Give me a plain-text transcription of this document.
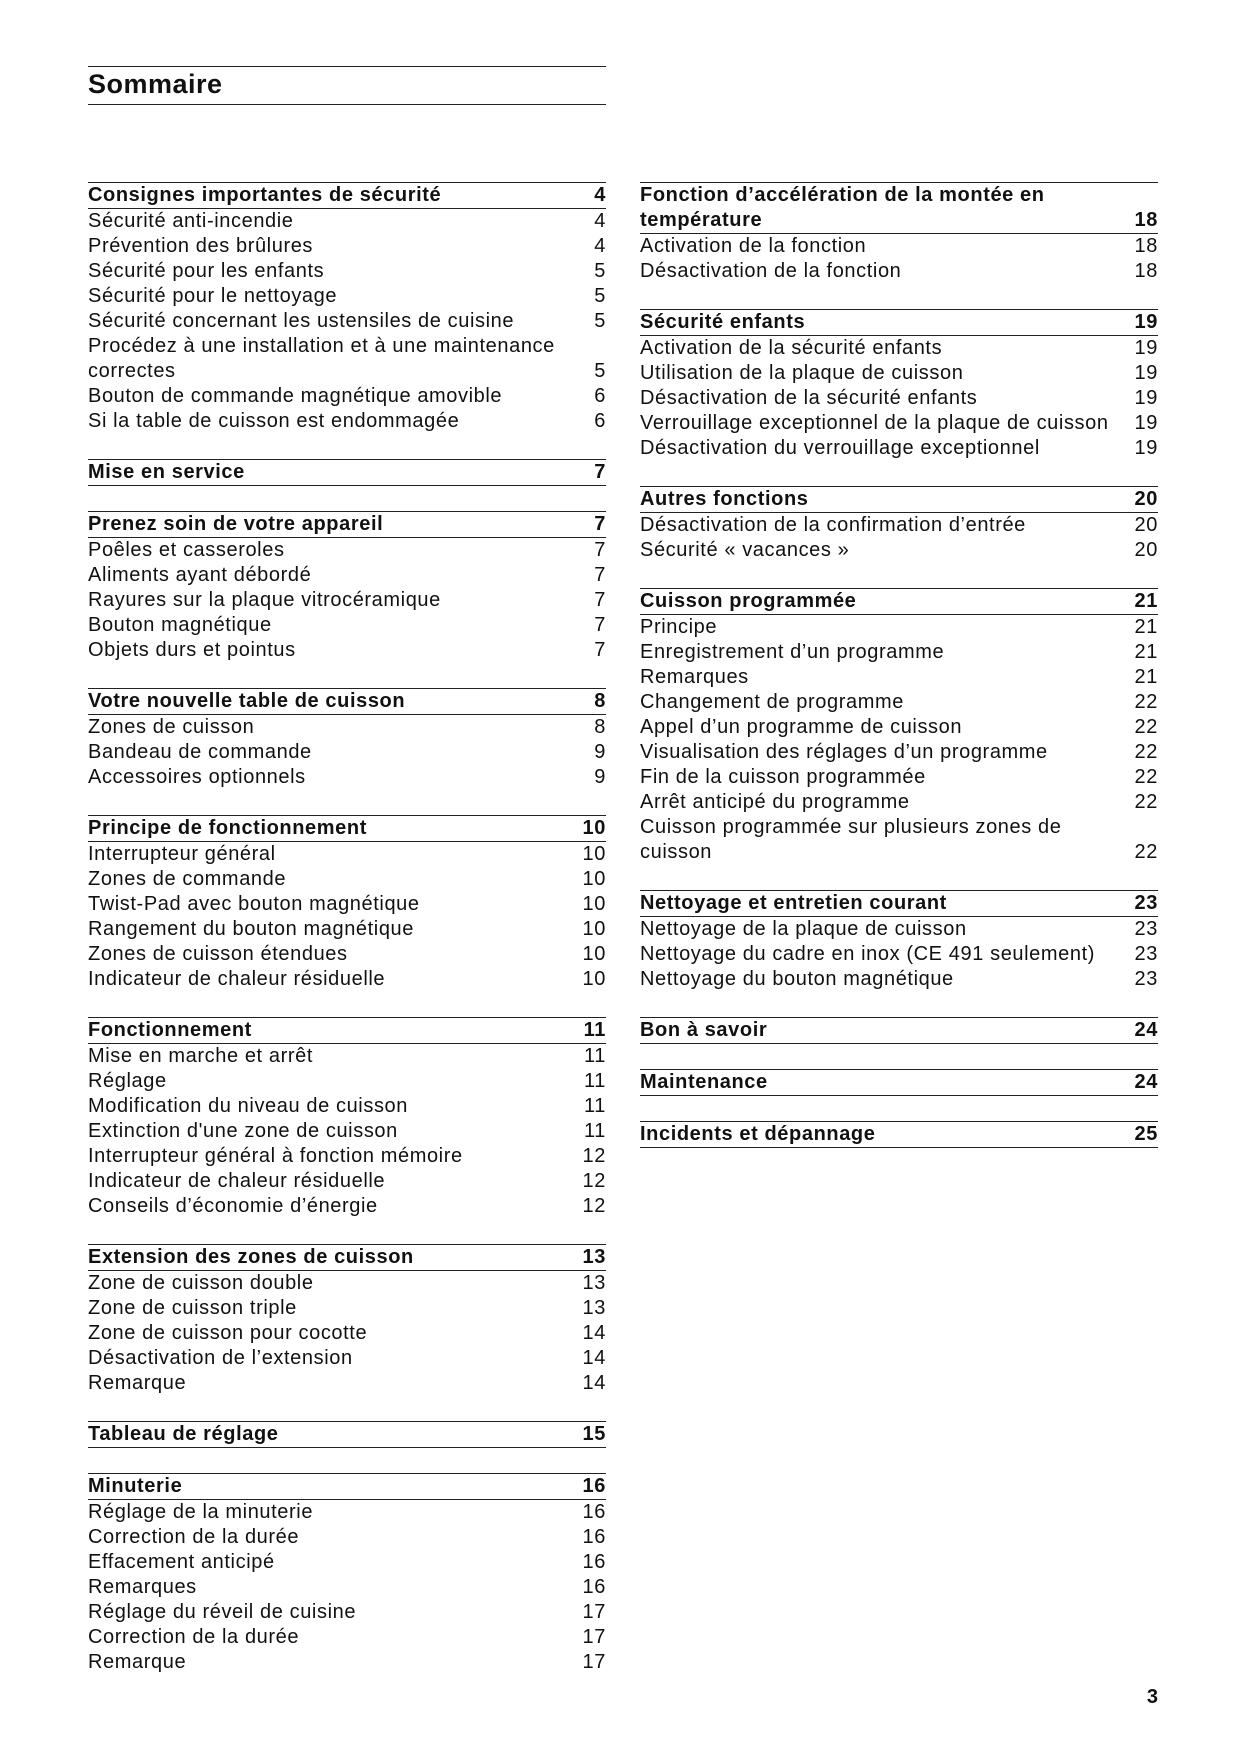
Sommaire
Consignes importantes de sécurité	4
Sécurité anti-incendie	4
Prévention des brûlures	4
Sécurité pour les enfants	5
Sécurité pour le nettoyage	5
Sécurité concernant les ustensiles de cuisine	5
Procédez à une installation et à une maintenance
correctes	5
Bouton de commande magnétique amovible	6
Si la table de cuisson est endommagée	6
Mise en service	7
Prenez soin de votre appareil	7
Poêles et casseroles	7
Aliments ayant débordé	7
Rayures sur la plaque vitrocéramique	7
Bouton magnétique	7
Objets durs et pointus	7
Votre nouvelle table de cuisson	8
Zones de cuisson	8
Bandeau de commande	9
Accessoires optionnels	9
Principe de fonctionnement	10
Interrupteur général	10
Zones de commande	10
Twist-Pad avec bouton magnétique	10
Rangement du bouton magnétique	10
Zones de cuisson étendues	10
Indicateur de chaleur résiduelle	10
Fonctionnement	11
Mise en marche et arrêt	11
Réglage	11
Modification du niveau de cuisson	11
Extinction d'une zone de cuisson	11
Interrupteur général à fonction mémoire	12
Indicateur de chaleur résiduelle	12
Conseils d’économie d’énergie	12
Extension des zones de cuisson	13
Zone de cuisson double	13
Zone de cuisson triple	13
Zone de cuisson pour cocotte	14
Désactivation de l’extension	14
Remarque	14
Tableau de réglage	15
Minuterie	16
Réglage de la minuterie	16
Correction de la durée	16
Effacement anticipé	16
Remarques	16
Réglage du réveil de cuisine	17
Correction de la durée	17
Remarque	17
Fonction d’accélération de la montée en
température	18
Activation de la fonction	18
Désactivation de la fonction	18
Sécurité enfants	19
Activation de la sécurité enfants	19
Utilisation de la plaque de cuisson	19
Désactivation de la sécurité enfants	19
Verrouillage exceptionnel de la plaque de cuisson 19
Désactivation du verrouillage exceptionnel	19
Autres fonctions	20
Désactivation de la confirmation d’entrée	20
Sécurité « vacances »	20
Cuisson programmée	21
Principe	21
Enregistrement d’un programme	21
Remarques	21
Changement de programme	22
Appel d’un programme de cuisson	22
Visualisation des réglages d’un programme	22
Fin de la cuisson programmée	22
Arrêt anticipé du programme	22
Cuisson programmée sur plusieurs zones de
cuisson	22
Nettoyage et entretien courant	23
Nettoyage de la plaque de cuisson	23
Nettoyage du cadre en inox (CE 491 seulement) 23
Nettoyage du bouton magnétique	23
Bon à savoir	24
Maintenance	24
Incidents et dépannage	25
3
